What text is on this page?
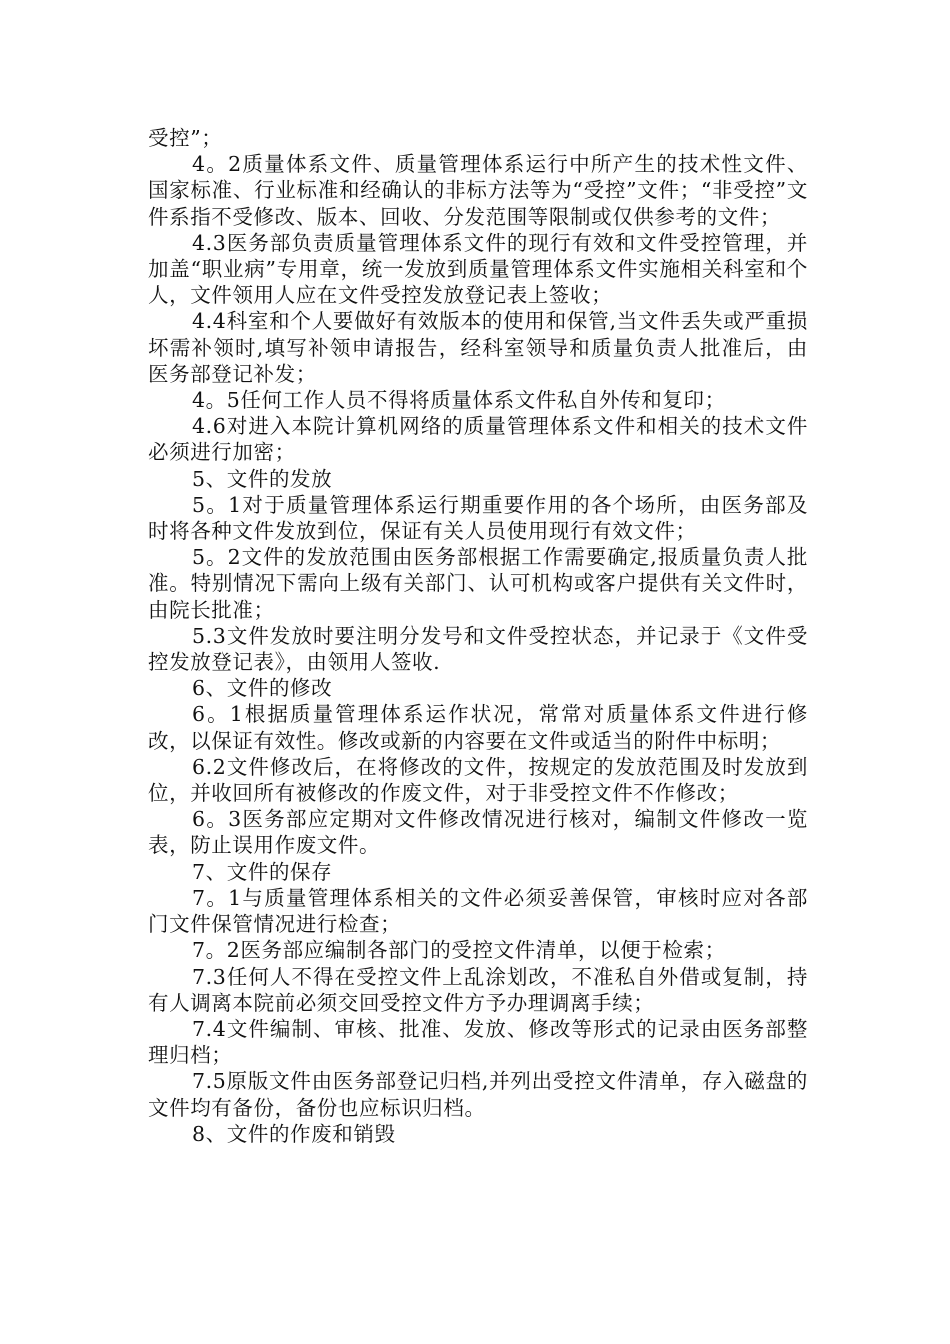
受控”；

4。2质量体系文件、质量管理体系运行中所产生的技术性文件、国家标准、行业标准和经确认的非标方法等为“受控”文件；“非受控”文件系指不受修改、版本、回收、分发范围等限制或仅供参考的文件；

4.3医务部负责质量管理体系文件的现行有效和文件受控管理，并加盖“职业病”专用章，统一发放到质量管理体系文件实施相关科室和个人，文件领用人应在文件受控发放登记表上签收；

4.4科室和个人要做好有效版本的使用和保管,当文件丢失或严重损坏需补领时,填写补领申请报告，经科室领导和质量负责人批准后，由医务部登记补发；

4。5任何工作人员不得将质量体系文件私自外传和复印；

4.6对进入本院计算机网络的质量管理体系文件和相关的技术文件必须进行加密；

5、文件的发放

5。1对于质量管理体系运行期重要作用的各个场所，由医务部及时将各种文件发放到位，保证有关人员使用现行有效文件；

5。2文件的发放范围由医务部根据工作需要确定,报质量负责人批准。特别情况下需向上级有关部门、认可机构或客户提供有关文件时，由院长批准；

5.3文件发放时要注明分发号和文件受控状态，并记录于《文件受控发放登记表》，由领用人签收.

6、文件的修改

6。1根据质量管理体系运作状况，常常对质量体系文件进行修改，以保证有效性。修改或新的内容要在文件或适当的附件中标明；

6.2文件修改后，在将修改的文件，按规定的发放范围及时发放到位，并收回所有被修改的作废文件，对于非受控文件不作修改；

6。3医务部应定期对文件修改情况进行核对，编制文件修改一览表，防止误用作废文件。

7、文件的保存

7。1与质量管理体系相关的文件必须妥善保管，审核时应对各部门文件保管情况进行检查；

7。2医务部应编制各部门的受控文件清单，以便于检索；

7.3任何人不得在受控文件上乱涂划改，不准私自外借或复制，持有人调离本院前必须交回受控文件方予办理调离手续；

7.4文件编制、审核、批准、发放、修改等形式的记录由医务部整理归档；

7.5原版文件由医务部登记归档,并列出受控文件清单，存入磁盘的文件均有备份，备份也应标识归档。

8、文件的作废和销毁
